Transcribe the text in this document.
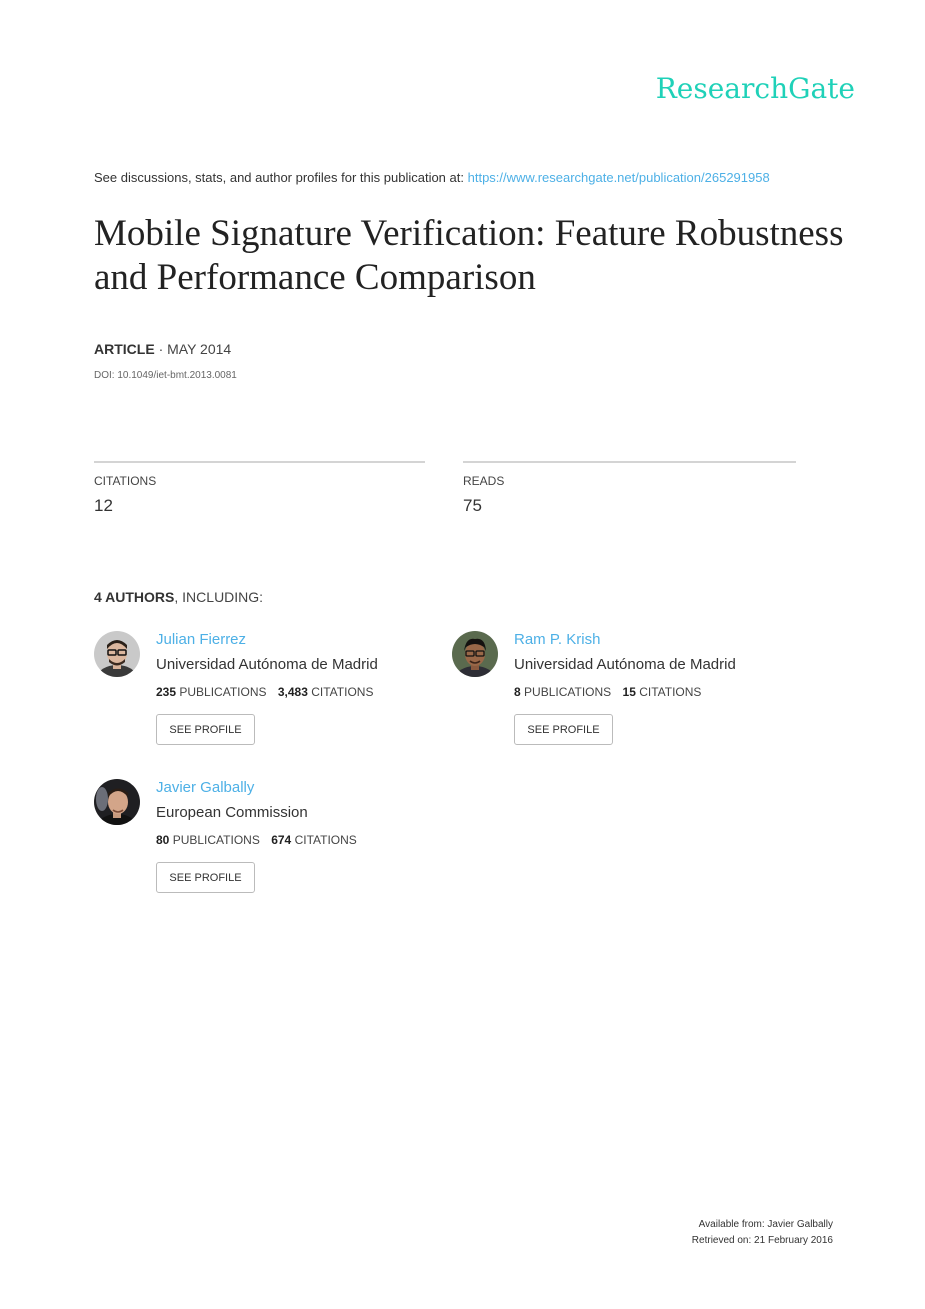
ResearchGate
See discussions, stats, and author profiles for this publication at: https://www.researchgate.net/publication/265291958
Mobile Signature Verification: Feature Robustness and Performance Comparison
ARTICLE · MAY 2014
DOI: 10.1049/iet-bmt.2013.0081
CITATIONS
12
READS
75
4 AUTHORS, INCLUDING:
Julian Fierrez
Universidad Autónoma de Madrid
235 PUBLICATIONS 3,483 CITATIONS
SEE PROFILE
Ram P. Krish
Universidad Autónoma de Madrid
8 PUBLICATIONS 15 CITATIONS
SEE PROFILE
Javier Galbally
European Commission
80 PUBLICATIONS 674 CITATIONS
SEE PROFILE
Available from: Javier Galbally
Retrieved on: 21 February 2016
